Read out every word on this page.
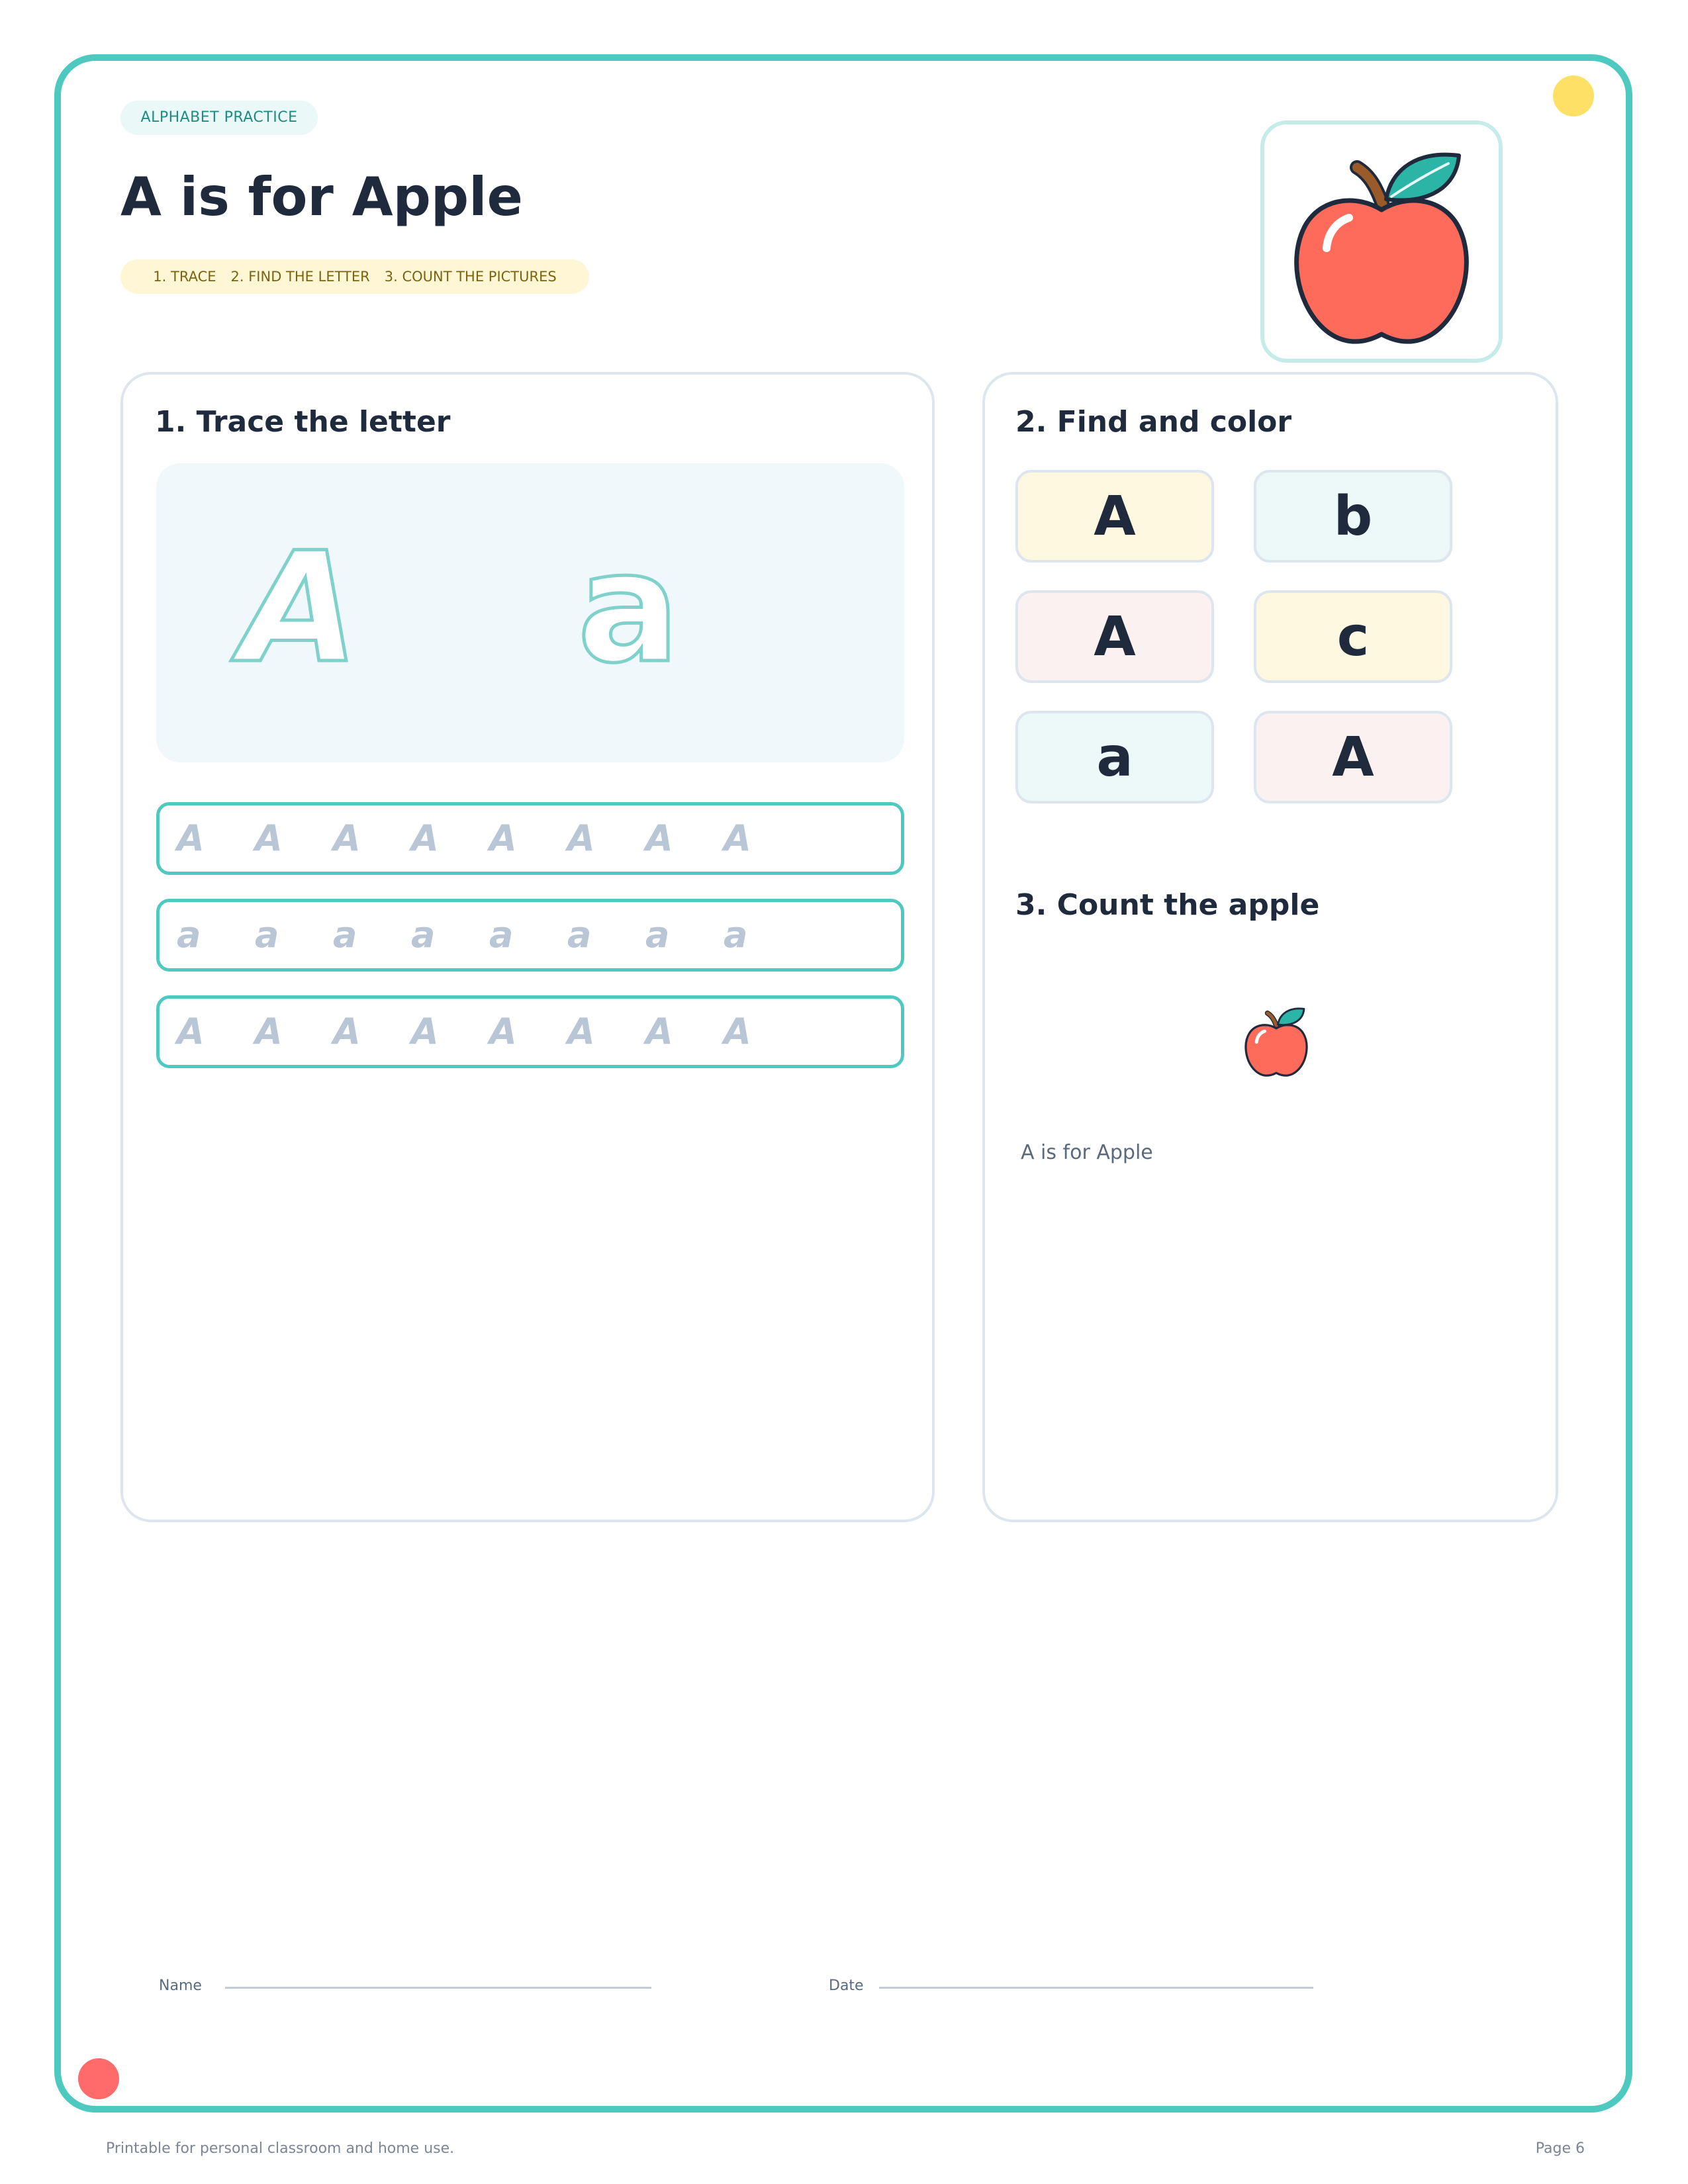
ALPHABET PRACTICE
A is for Apple
1. TRACE 2. FIND THE LETTER 3. COUNT THE PICTURES
1. Trace the letter
A a
A	A	A	A	A	A	A	A
a	a	a	a	a	a	a	a
A	A	A	A	A	A	A	A
2. Find and color
A	b
A	c
a	A
3. Count the apple

A is for Apple

Name	Date
Printable for personal classroom and home use.	Page 6
